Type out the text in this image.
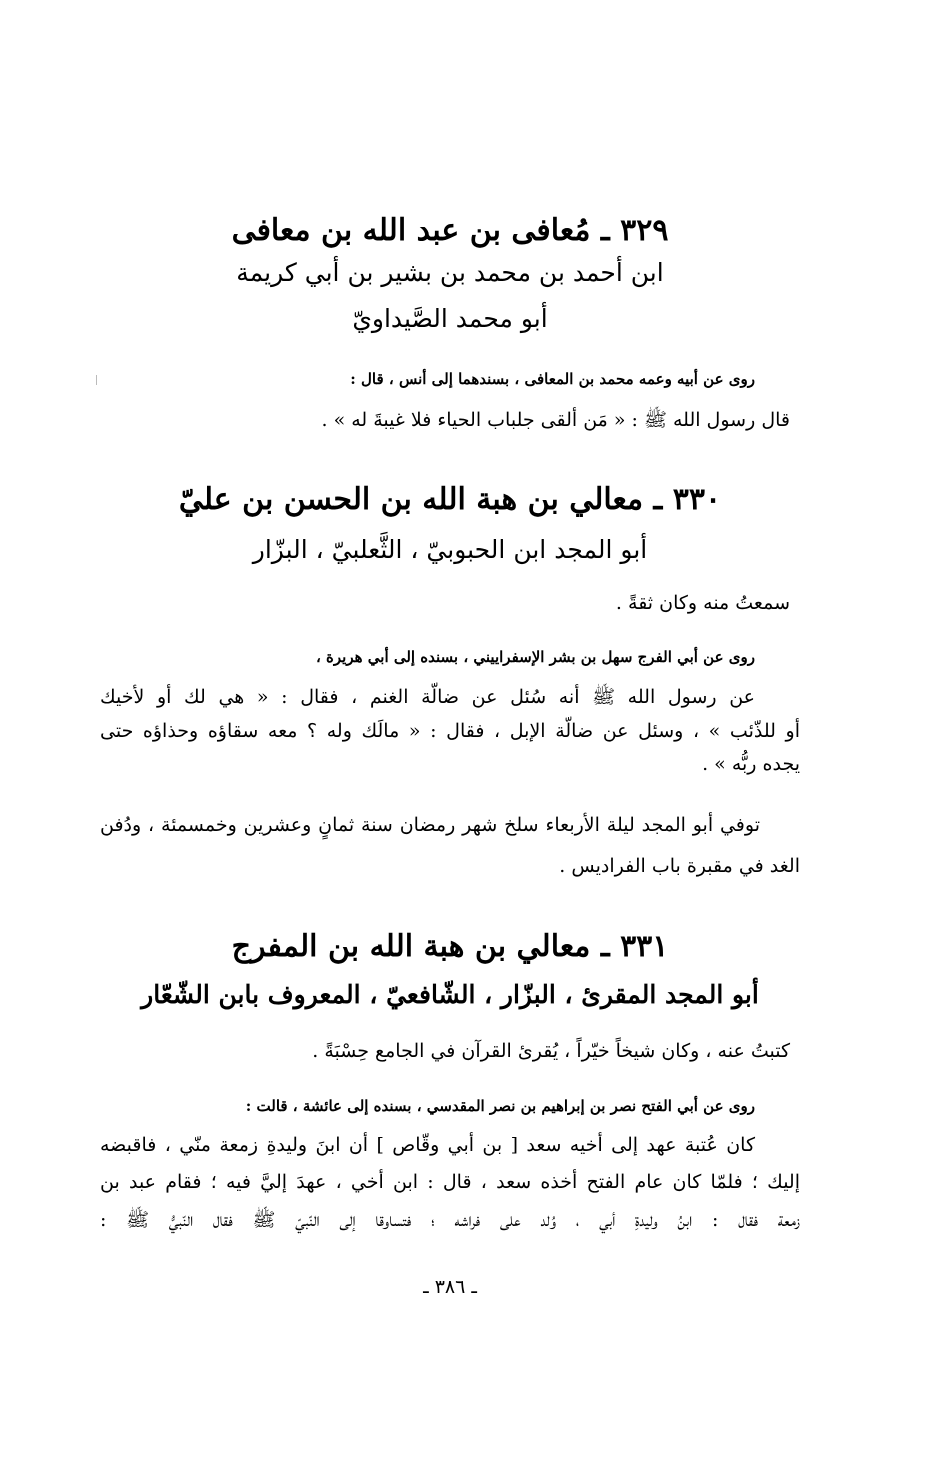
٣٢٩ ـ مُعافى بن عبد الله بن معافى
ابن أحمد بن محمد بن بشير بن أبي كريمة
أبو محمد الصَّيداويّ
روى عن أبيه وعمه محمد بن المعافى ، بسندهما إلى أنس ، قال :
قال رسول الله ﷺ : « مَن ألقى جلباب الحياء فلا غيبةَ له » .
٣٣٠ ـ معالي بن هبة الله بن الحسن بن عليّ
أبو المجد ابن الحبوبيّ ، الثَّعلبيّ ، البزّار
سمعتُ منه وكان ثقةً .
روى عن أبي الفرج سهل بن بشر الإسفراييني ، بسنده إلى أبي هريرة ،
عن رسول الله ﷺ أنه سُئل عن ضالّة الغنم ، فقال : « هي لك أو لأخيك
أو للذّئب » ، وسئل عن ضالّة الإبل ، فقال : « مالَك وله ؟ معه سقاؤه وحذاؤه حتى
يجده ربُّه » .
توفي أبو المجد ليلة الأربعاء سلخ شهر رمضان سنة ثمانٍ وعشرين وخمسمئة ، ودُفن
الغد في مقبرة باب الفراديس .
٣٣١ ـ معالي بن هبة الله بن المفرج
أبو المجد المقرئ ، البزّار ، الشّافعيّ ، المعروف بابن الشّعّار
كتبتُ عنه ، وكان شيخاً خيّراً ، يُقرئ القرآن في الجامع حِسْبَةً .
روى عن أبي الفتح نصر بن إبراهيم بن نصر المقدسي ، بسنده إلى عائشة ، قالت :
كان عُتبة عهد إلى أخيه سعد [ بن أبي وقّاص ] أن ابنَ وليدةِ زمعة منّي ، فاقبضه
إليك ؛ فلمّا كان عام الفتح أخذه سعد ، قال : ابن أخي ، عهدَ إليَّ فيه ؛ فقام عبد بن
زمعة فقال : ابنُ وليدةِ أبي ، وُلد على فراشه ؛ فتساوقا إلى النّبيّ ﷺ فقال النّبيُّ ﷺ :
ـ ٣٨٦ ـ
